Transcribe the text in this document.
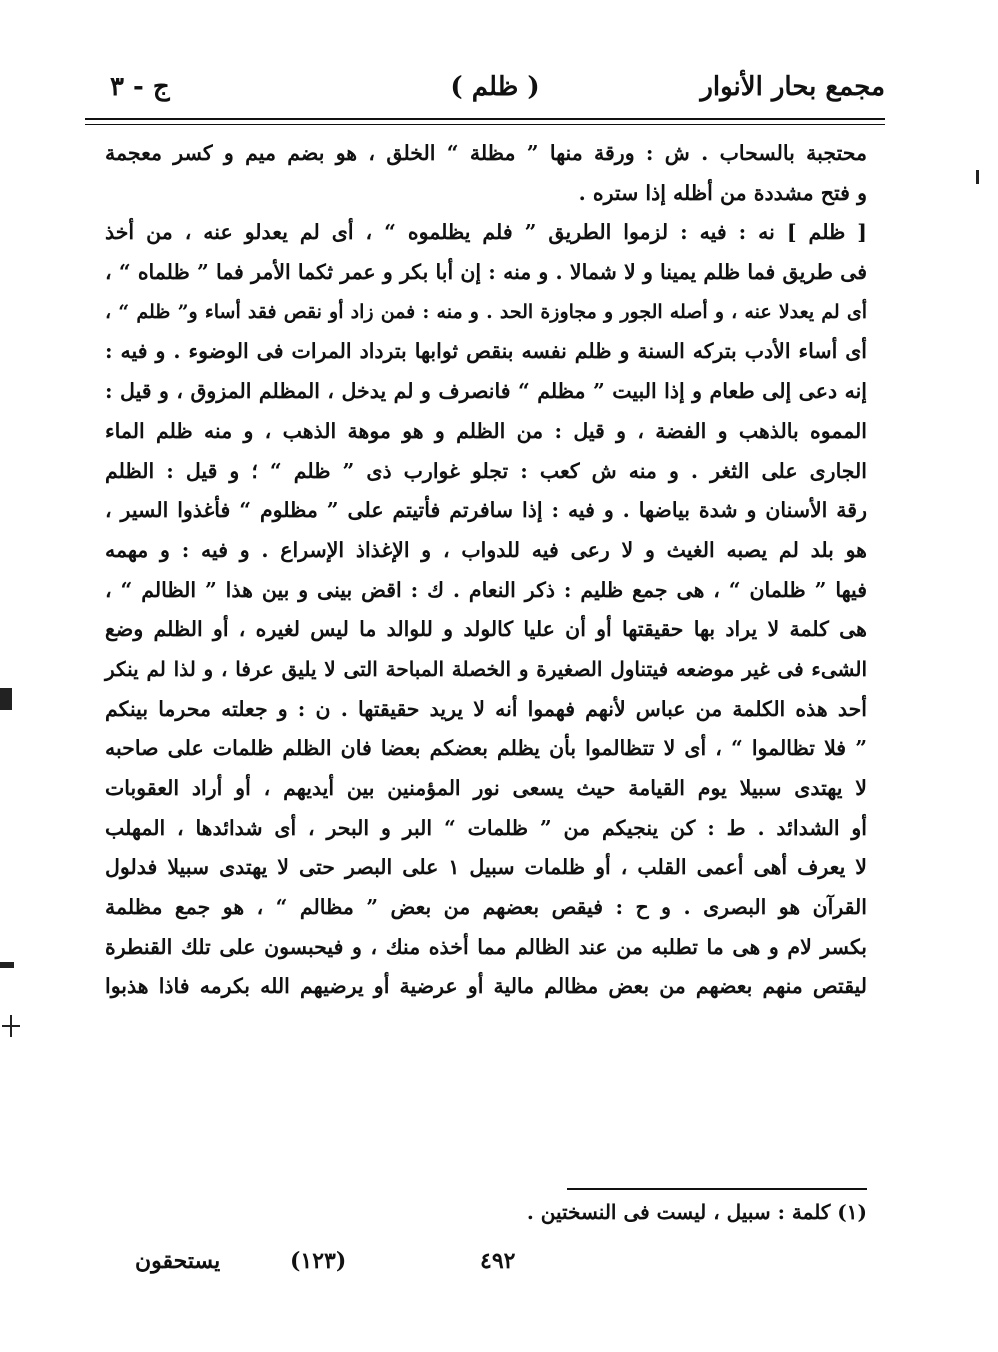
مجمع بحار الأنوار
( ظلم )
ج - ٣
محتجبة بالسحاب . ش : ورقة منها ” مظلة “ الخلق ، هو بضم ميم و كسر معجمة
و فتح مشددة من أظله إذا ستره .
[ ظلم ] نه : فيه : لزموا الطريق ” فلم يظلموه “ ، أى لم يعدلو عنه ، من أخذ
فى طريق فما ظلم يمينا و لا شمالا . و منه : إن أبا بكر و عمر ثكما الأمر فما ” ظلماه “ ،
أى لم يعدلا عنه ، و أصله الجور و مجاوزة الحد . و منه : فمن زاد أو نقص فقد أساء و” ظلم “ ،
أى أساء الأدب بتركه السنة و ظلم نفسه بنقص ثوابها بترداد المرات فى الوضوء . و فيه :
إنه دعى إلى طعام و إذا البيت ” مظلم “ فانصرف و لم يدخل ، المظلم المزوق ، و قيل :
المموه بالذهب و الفضة ، و قيل : من الظلم و هو موهة الذهب ، و منه ظلم الماء
الجارى على الثغر . و منه ش كعب : تجلو غوارب ذى ” ظلم “ ؛ و قيل : الظلم
رقة الأسنان و شدة بياضها . و فيه : إذا سافرتم فأتيتم على ” مظلوم “ فأغذوا السير ،
هو بلد لم يصبه الغيث و لا رعى فيه للدواب ، و الإغذاذ الإسراع . و فيه : و مهمه
فيها ” ظلمان “ ، هى جمع ظليم : ذكر النعام . ك : اقض بينى و بين هذا ” الظالم “ ،
هى كلمة لا يراد بها حقيقتها أو أن عليا كالولد و للوالد ما ليس لغيره ، أو الظلم وضع
الشىء فى غير موضعه فيتناول الصغيرة و الخصلة المباحة التى لا يليق عرفا ، و لذا لم ينكر
أحد هذه الكلمة من عباس لأنهم فهموا أنه لا يريد حقيقتها . ن : و جعلته محرما بينكم
” فلا تظالموا “ ، أى لا تتظالموا بأن يظلم بعضكم بعضا فان الظلم ظلمات على صاحبه
لا يهتدى سبيلا يوم القيامة حيث يسعى نور المؤمنين بين أيديهم ، أو أراد العقوبات
أو الشدائد . ط : كن ينجيكم من ” ظلمات “ البر و البحر ، أى شدائدها ، المهلب
لا يعرف أهى أعمى القلب ، أو ظلمات سبيل ١ على البصر حتى لا يهتدى سبيلا فدلول
القرآن هو البصرى . و ح : فيقص بعضهم من بعض ” مظالم “ ، هو جمع مظلمة
بكسر لام و هى ما تطلبه من عند الظالم مما أخذه منك ، و فيحبسون على تلك القنطرة
ليقتص منهم بعضهم من بعض مظالم مالية أو عرضية أو يرضيهم الله بكرمه فاذا هذبوا
(١) كلمة : سبيل ، ليست فى النسختين .
يستحقون	(١٢٣)	٤٩٢
